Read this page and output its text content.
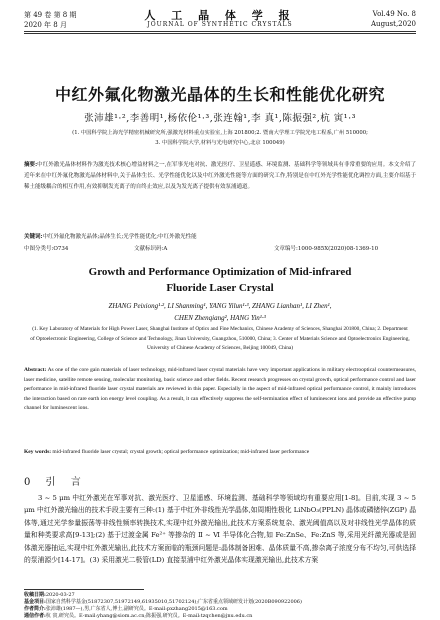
第 49 卷 第 8 期
2020 年 8 月
人 工 晶 体 学 报
JOURNAL OF SYNTHETIC CRYSTALS
Vol.49 No. 8
August,2020
中红外氟化物激光晶体的生长和性能优化研究
张沛雄¹·²,李善明¹,杨依伦¹·³,张连翰¹,李 真¹,陈振强²,杭 寅¹·³
(1. 中国科学院上海光学精密机械研究所,强激光材料重点实验室,上海 201800;2. 暨南大学理工学院光电工程系,广州 510000;
3. 中国科学院大学,材料与光电研究中心,北京 100049)
摘要:中红外激光晶体材料作为激光技术核心增益材料之一,在军事光电对抗、激光医疗、卫星遥感、环境监测、基础科学等领域具有非常重要的应用。本文介绍了近年来在中红外氟化物激光晶体材料中,关于晶体生长、光学性能优化以及中红外激光性能等方面的研究工作,特别是在中红外光学性能优化调控方面,主要介绍基于稀土能级耦合的相互作用,有效抑制发光离子的自终止效应,以及为发光离子提供有效泵浦通道。
关键词:中红外氟化物激光晶体;晶体生长;光学性能优化;中红外激光性能
中图分类号:O734	文献标识码:A	文章编号:1000-985X(2020)08-1369-10
Growth and Performance Optimization of Mid-infrared Fluoride Laser Crystal
ZHANG Peixiong¹·², LI Shanming¹, YANG Yilun¹·³, ZHANG Lianhan¹, LI Zhen¹,
CHEN Zhenqiang², HANG Yin¹·³
(1. Key Laboratory of Materials for High Power Laser, Shanghai Institute of Optics and Fine Mechanics, Chinese Academy of Sciences, Shanghai 201800, China; 2. Department of Optoelectronic Engineering, College of Science and Technology, Jinan University, Guangzhou, 510000, China; 3. Center of Materials Science and Optoelectronics Engineering, University of Chinese Academy of Sciences, Beijing 100049, China)
Abstract: As one of the core gain materials of laser technology, mid-infrared laser crystal materials have very important applications in military electrooptical countermeasures, laser medicine, satellite remote sensing, molecular monitoring, basic science and other fields. Recent research progresses on crystal growth, optical performance control and laser performance in mid-infrared fluoride laser crystal materials are reviewed in this paper. Especially in the aspect of mid-infrared optical performance control, it mainly introduces the interaction based on rare earth ion energy level coupling. As a result, it can effectively suppress the self-termination effect of luminescent ions and provide an effective pump channel for luminescent ions.
Key words: mid-infrared fluoride laser crystal; crystal growth; optical performance optimization; mid-infrared laser performance
0 引 言
3 ~ 5 μm 中红外激光在军事对抗、激光医疗、卫星遥感、环境监测、基础科学等领域均有重要应用[1-8]。目前,实现 3 ~ 5 μm 中红外激光输出的技术手段主要有三种:(1) 基于中红外非线性光学晶体,如周期性极化 LiNbO₃(PPLN) 晶体或磷锗锌(ZGP) 晶体等,通过光学参量振荡等非线性频率转换技术,实现中红外激光输出,此技术方案系统复杂、激光阈值高以及对非线性光学晶体的质量和种类要求高[9-13];(2) 基于过渡金属 Fe²⁺ 等掺杂的 Ⅱ ~ Ⅵ 半导体化合物,如 Fe:ZnSe、Fe:ZnS 等,采用光纤激光器或是固体激光器抽运,实现中红外激光输出,此技术方案面临的瓶颈问题是:晶体制备困难、晶体质量不高,掺杂离子浓度分布不均匀,可供选择的泵浦源少[14-17]。(3) 采用激光二极管(LD) 直接泵浦中红外激光晶体实现激光输出,此技术方案
收稿日期:2020-03-27
基金项目:国家自然科学基金(51872307,51972149,61935010,51702124);广东省重点领域研发计划(2020B090922006)
作者简介:张沛雄(1987—),男,广东省人,博士,副研究员。E-mail:pxzhang2015@163.com
通信作者:杭 寅,研究员。E-mail:yhang@siom.ac.cn;陈振强,研究员。E-mail:tzqchen@jnu.edu.cn
